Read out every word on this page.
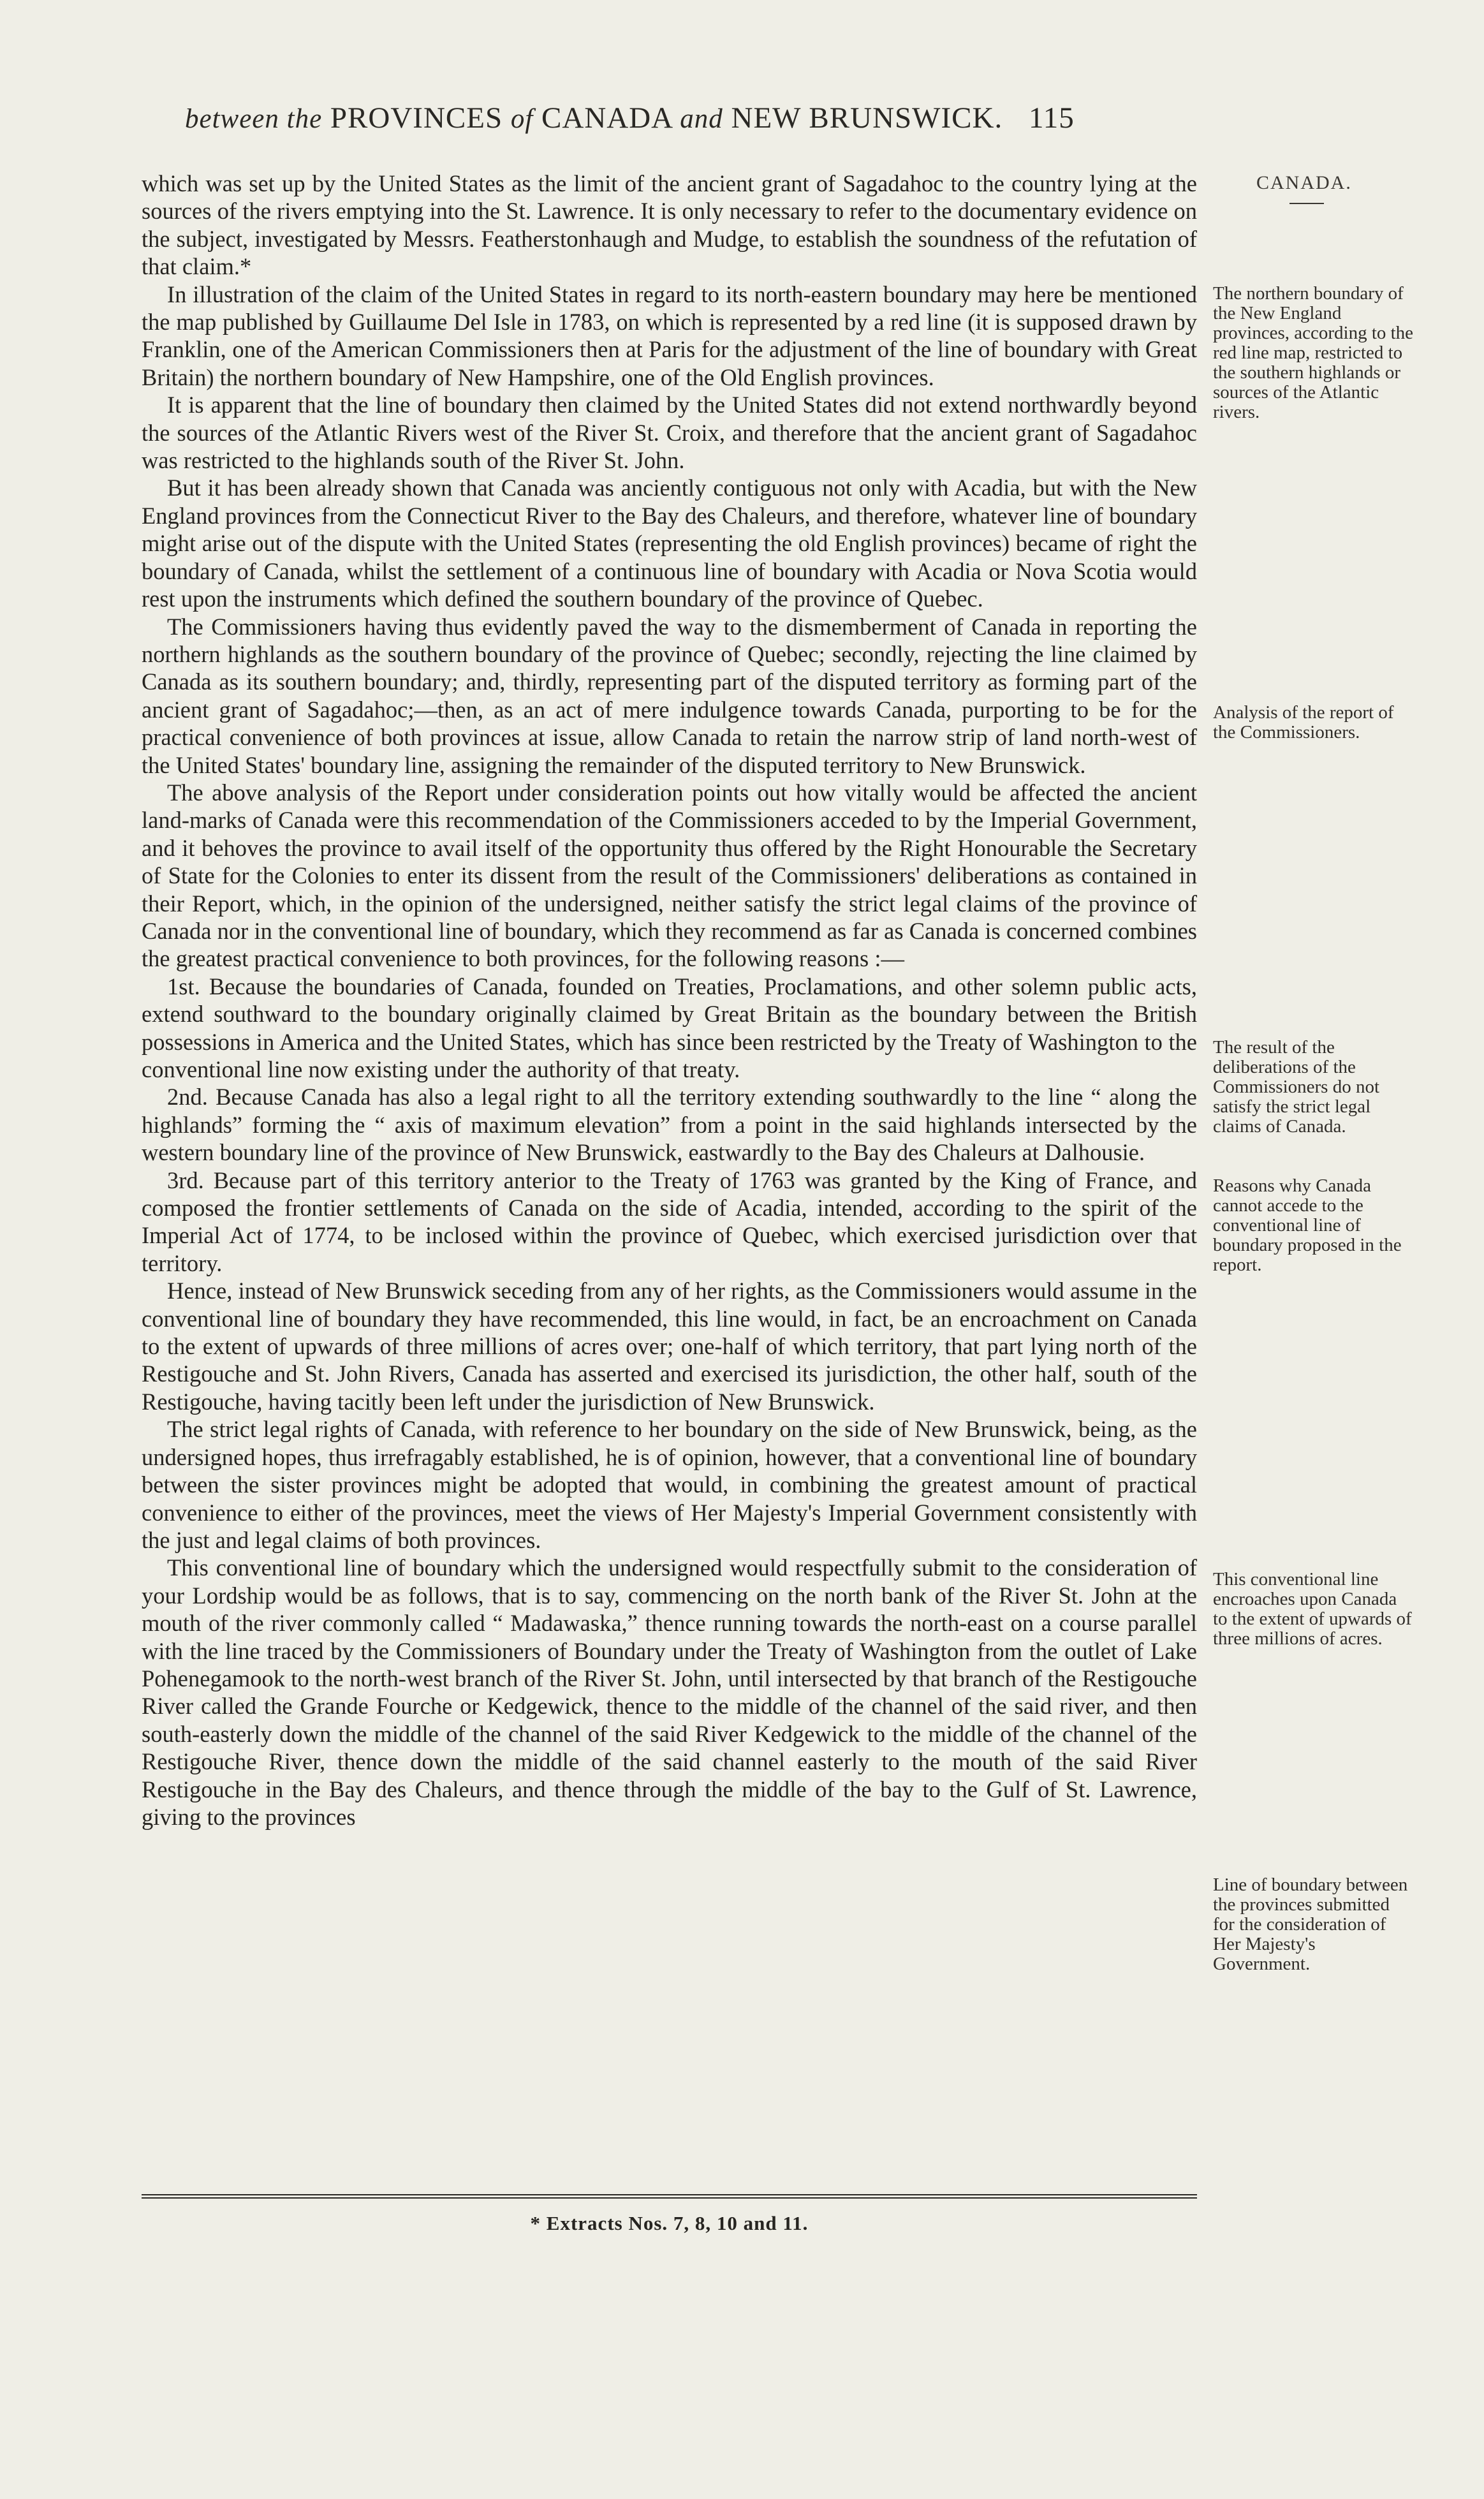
between the PROVINCES of CANADA and NEW BRUNSWICK. 115

CANADA.

which was set up by the United States as the limit of the ancient grant of Sagadahoc to the country lying at the sources of the rivers emptying into the St. Lawrence. It is only necessary to refer to the documentary evidence on the subject, investigated by Messrs. Featherstonhaugh and Mudge, to establish the soundness of the refutation of that claim.*

In illustration of the claim of the United States in regard to its north-eastern boundary may here be mentioned the map published by Guillaume Del Isle in 1783, on which is represented by a red line (it is supposed drawn by Franklin, one of the American Commissioners then at Paris for the adjustment of the line of boundary with Great Britain) the northern boundary of New Hampshire, one of the Old English provinces.

It is apparent that the line of boundary then claimed by the United States did not extend northwardly beyond the sources of the Atlantic Rivers west of the River St. Croix, and therefore that the ancient grant of Sagadahoc was restricted to the highlands south of the River St. John.

But it has been already shown that Canada was anciently contiguous not only with Acadia, but with the New England provinces from the Connecticut River to the Bay des Chaleurs, and therefore, whatever line of boundary might arise out of the dispute with the United States (representing the old English provinces) became of right the boundary of Canada, whilst the settlement of a continuous line of boundary with Acadia or Nova Scotia would rest upon the instruments which defined the southern boundary of the province of Quebec.

The Commissioners having thus evidently paved the way to the dismemberment of Canada in reporting the northern highlands as the southern boundary of the province of Quebec; secondly, rejecting the line claimed by Canada as its southern boundary; and, thirdly, representing part of the disputed territory as forming part of the ancient grant of Sagadahoc;—then, as an act of mere indulgence towards Canada, purporting to be for the practical convenience of both provinces at issue, allow Canada to retain the narrow strip of land north-west of the United States' boundary line, assigning the remainder of the disputed territory to New Brunswick.

The above analysis of the Report under consideration points out how vitally would be affected the ancient land-marks of Canada were this recommendation of the Commissioners acceded to by the Imperial Government, and it behoves the province to avail itself of the opportunity thus offered by the Right Honourable the Secretary of State for the Colonies to enter its dissent from the result of the Commissioners' deliberations as contained in their Report, which, in the opinion of the undersigned, neither satisfy the strict legal claims of the province of Canada nor in the conventional line of boundary, which they recommend as far as Canada is concerned combines the greatest practical convenience to both provinces, for the following reasons :—

1st. Because the boundaries of Canada, founded on Treaties, Proclamations, and other solemn public acts, extend southward to the boundary originally claimed by Great Britain as the boundary between the British possessions in America and the United States, which has since been restricted by the Treaty of Washington to the conventional line now existing under the authority of that treaty.

2nd. Because Canada has also a legal right to all the territory extending southwardly to the line “ along the highlands” forming the “ axis of maximum elevation” from a point in the said highlands intersected by the western boundary line of the province of New Brunswick, eastwardly to the Bay des Chaleurs at Dalhousie.

3rd. Because part of this territory anterior to the Treaty of 1763 was granted by the King of France, and composed the frontier settlements of Canada on the side of Acadia, intended, according to the spirit of the Imperial Act of 1774, to be inclosed within the province of Quebec, which exercised jurisdiction over that territory.

Hence, instead of New Brunswick seceding from any of her rights, as the Commissioners would assume in the conventional line of boundary they have recommended, this line would, in fact, be an encroachment on Canada to the extent of upwards of three millions of acres over; one-half of which territory, that part lying north of the Restigouche and St. John Rivers, Canada has asserted and exercised its jurisdiction, the other half, south of the Restigouche, having tacitly been left under the jurisdiction of New Brunswick.

The strict legal rights of Canada, with reference to her boundary on the side of New Brunswick, being, as the undersigned hopes, thus irrefragably established, he is of opinion, however, that a conventional line of boundary between the sister provinces might be adopted that would, in combining the greatest amount of practical convenience to either of the provinces, meet the views of Her Majesty's Imperial Government consistently with the just and legal claims of both provinces.

This conventional line of boundary which the undersigned would respectfully submit to the consideration of your Lordship would be as follows, that is to say, commencing on the north bank of the River St. John at the mouth of the river commonly called “ Madawaska,” thence running towards the north-east on a course parallel with the line traced by the Commissioners of Boundary under the Treaty of Washington from the outlet of Lake Pohenegamook to the north-west branch of the River St. John, until intersected by that branch of the Restigouche River called the Grande Fourche or Kedgewick, thence to the middle of the channel of the said river, and then south-easterly down the middle of the channel of the said River Kedgewick to the middle of the channel of the Restigouche River, thence down the middle of the said channel easterly to the mouth of the said River Restigouche in the Bay des Chaleurs, and thence through the middle of the bay to the Gulf of St. Lawrence, giving to the provinces

The northern boundary of the New England provinces, according to the red line map, restricted to the southern highlands or sources of the Atlantic rivers.

Analysis of the report of the Commissioners.

The result of the deliberations of the Commissioners do not satisfy the strict legal claims of Canada.

Reasons why Canada cannot accede to the conventional line of boundary proposed in the report.

This conventional line encroaches upon Canada to the extent of upwards of three millions of acres.

Line of boundary between the provinces submitted for the consideration of Her Majesty's Government.

* Extracts Nos. 7, 8, 10 and 11.
